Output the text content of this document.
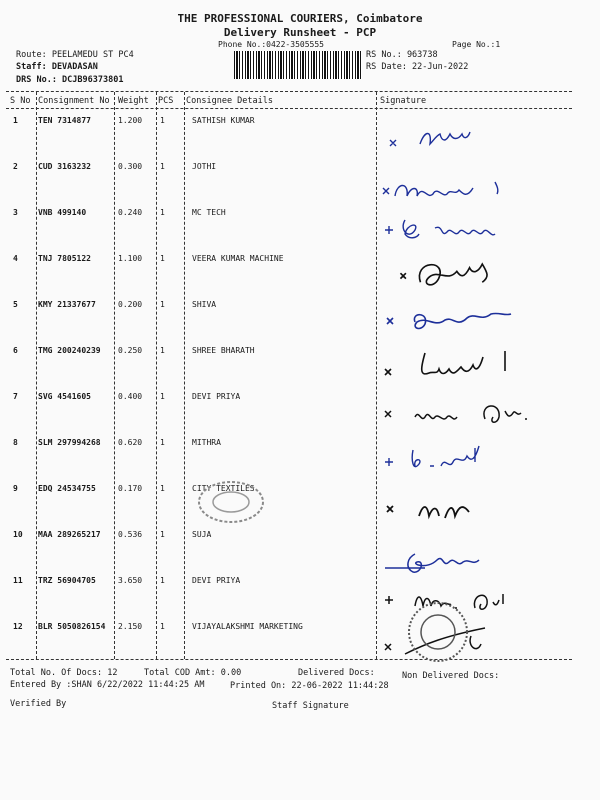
THE PROFESSIONAL COURIERS, Coimbatore
Delivery Runsheet - PCP
Phone No.:0422-3505555	Page No.:1
Route: PEELAMEDU ST PC4
Staff: DEVADASAN
DRS No.: DCJB96373801
RS No.: 963738
RS Date: 22-Jun-2022
S No Consignment No Weight PCS Consignee Details	Signature
1	TEN 7314877	1.200 1	SATHISH KUMAR
2	CUD 3163232	0.300 1	JOTHI
3	VNB 499140	0.240 1	MC TECH
4	TNJ 7805122	1.100 1	VEERA KUMAR MACHINE
5	KMY 21337677	0.200 1	SHIVA
6	TMG 200240239 0.250 1	SHREE BHARATH
7	SVG 4541605	0.400 1	DEVI PRIYA
8	SLM 297994268 0.620 1	MITHRA
9	EDQ 24534755	0.170 1	CITY TEXTILES
10 MAA 289265217 0.536 1	SUJA
11 TRZ 56904705	3.650 1	DEVI PRIYA
12 BLR 5050826154 2.150 1	VIJAYALAKSHMI MARKETING
Total No. Of Docs: 12	Total COD Amt: 0.00	Delivered Docs:	Non Delivered Docs:
Entered By :SHAN 6/22/2022 11:44:25 AM	Printed On: 22-06-2022 11:44:28
Verified By	Staff Signature
